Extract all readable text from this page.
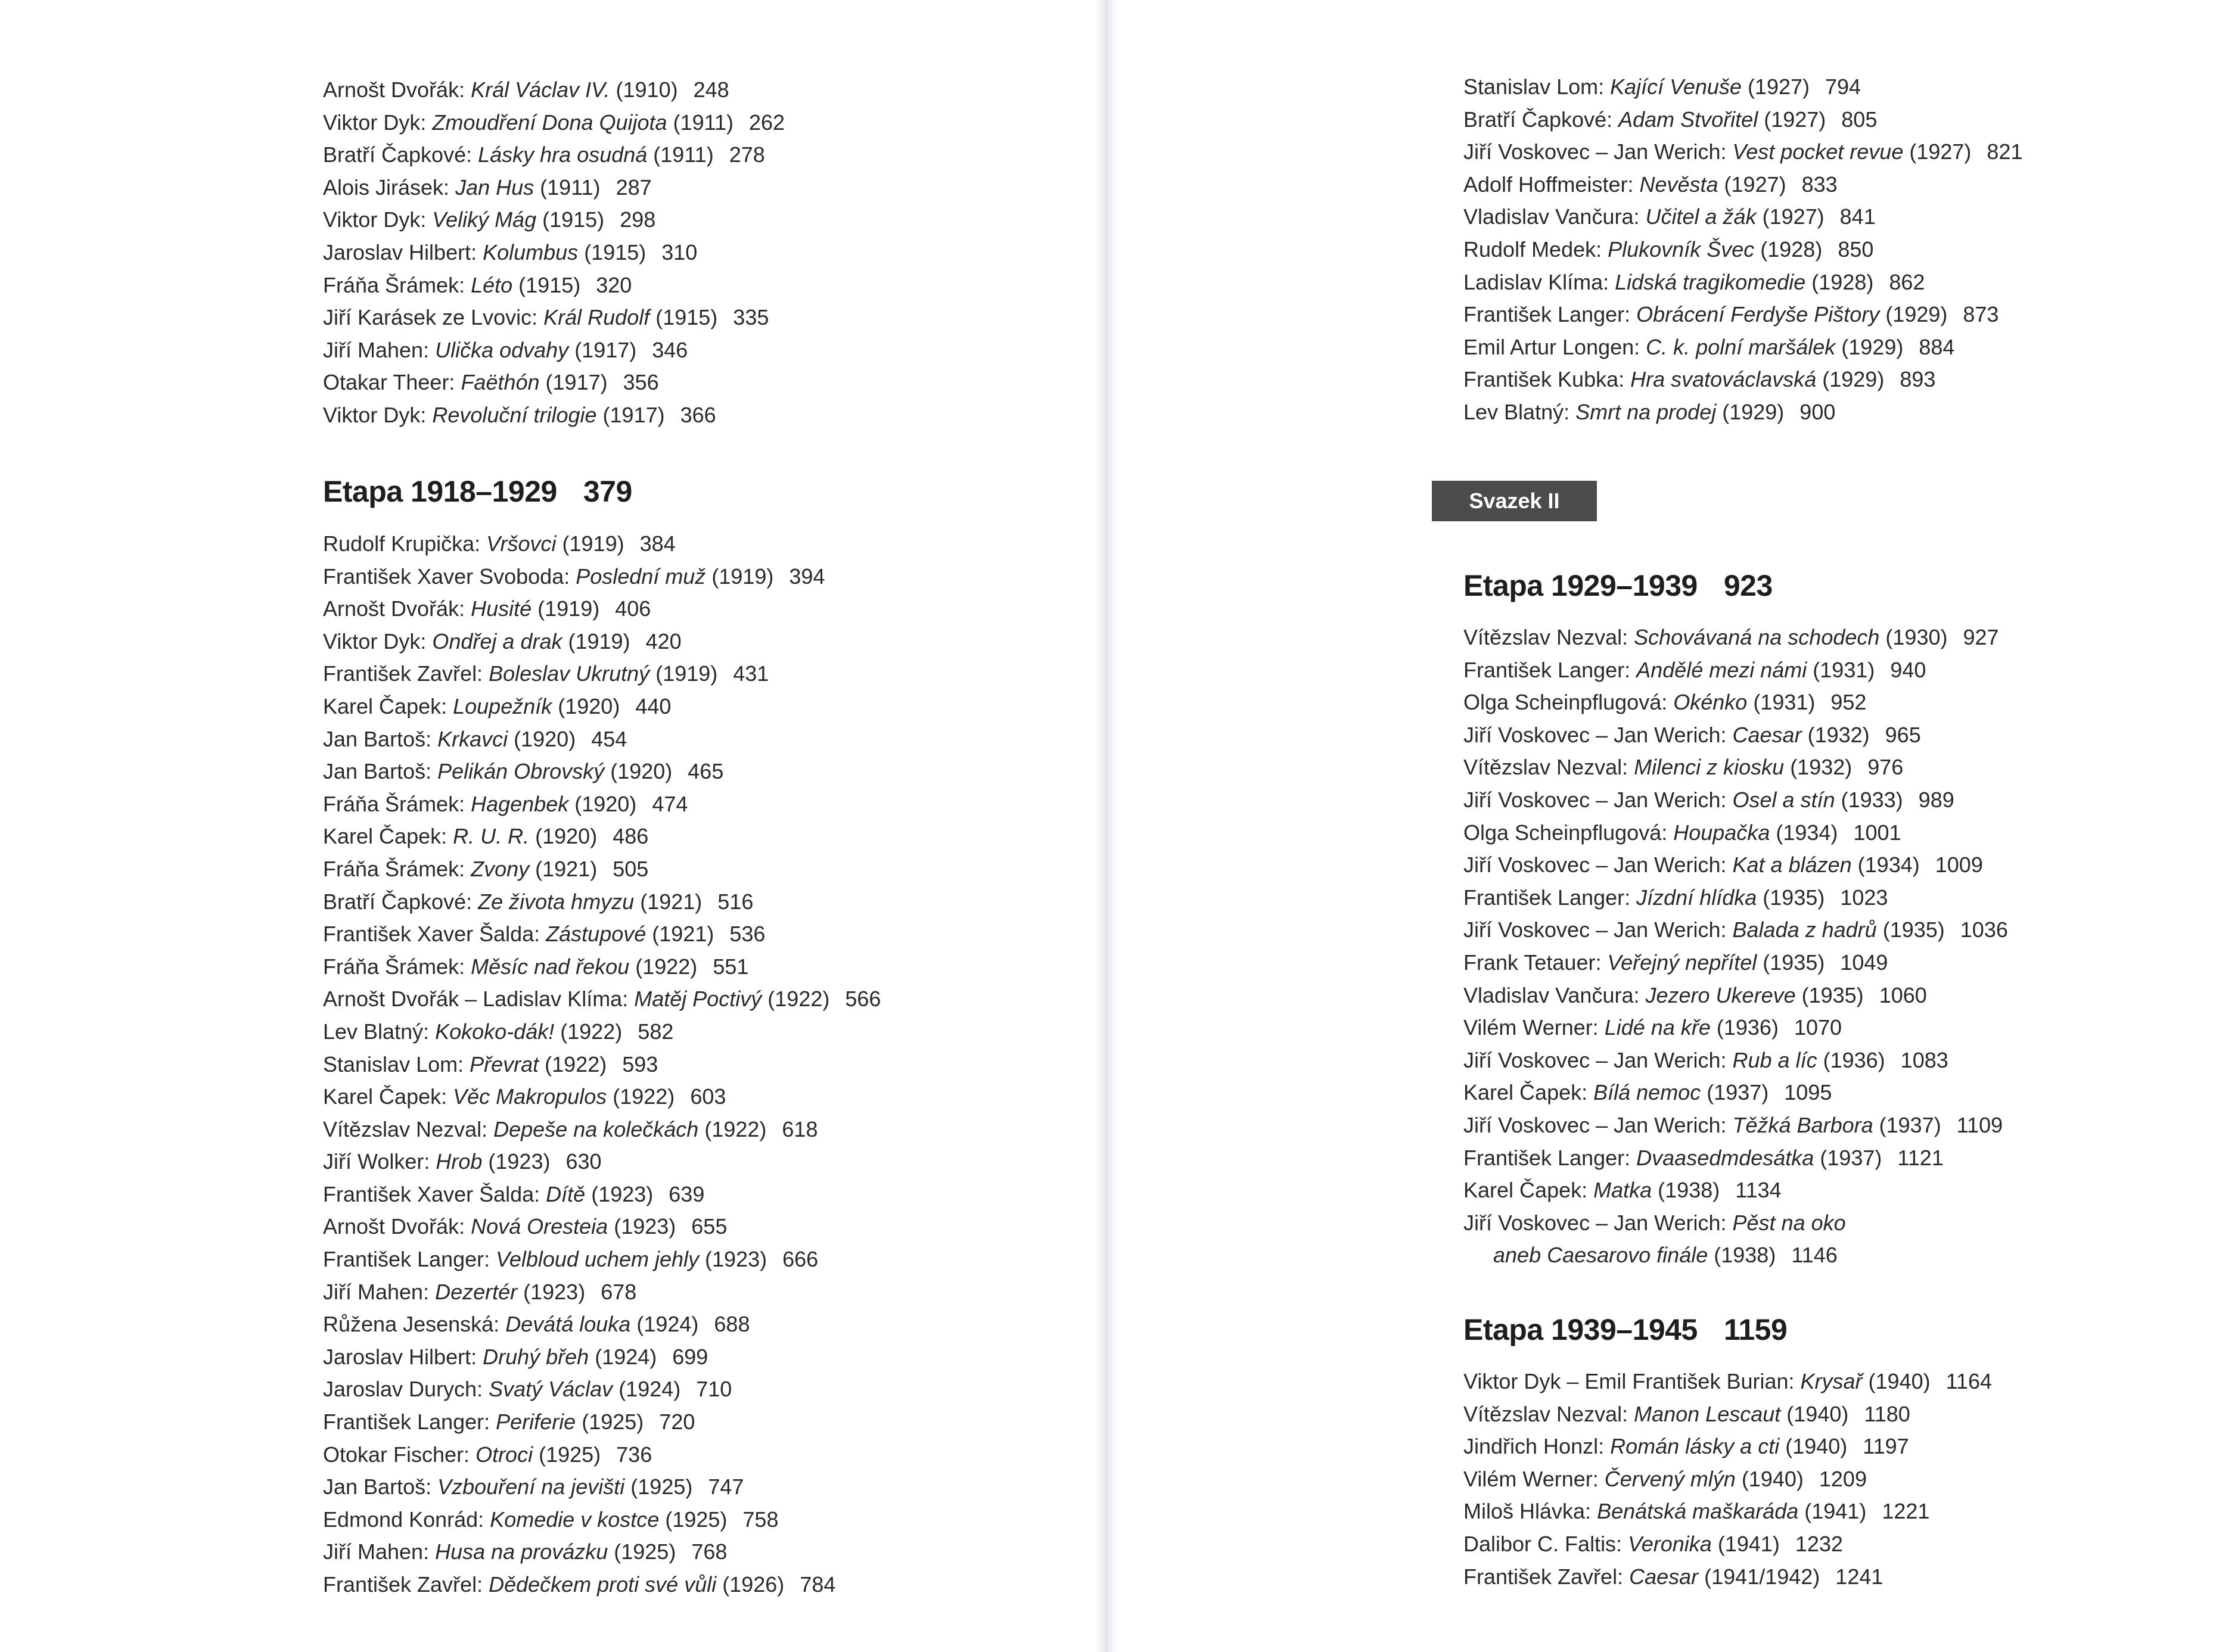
Arnošt Dvořák: Král Václav IV. (1910) 248
Viktor Dyk: Zmoudření Dona Quijota (1911) 262
Bratří Čapkové: Lásky hra osudná (1911) 278
Alois Jirásek: Jan Hus (1911) 287
Viktor Dyk: Veliký Mág (1915) 298
Jaroslav Hilbert: Kolumbus (1915) 310
Fráňa Šrámek: Léto (1915) 320
Jiří Karásek ze Lvovic: Král Rudolf (1915) 335
Jiří Mahen: Ulička odvahy (1917) 346
Otakar Theer: Faëthón (1917) 356
Viktor Dyk: Revoluční trilogie (1917) 366
Etapa 1918–1929 379
Rudolf Krupička: Vršovci (1919) 384
František Xaver Svoboda: Poslední muž (1919) 394
Arnošt Dvořák: Husité (1919) 406
Viktor Dyk: Ondřej a drak (1919) 420
František Zavřel: Boleslav Ukrutný (1919) 431
Karel Čapek: Loupežník (1920) 440
Jan Bartoš: Krkavci (1920) 454
Jan Bartoš: Pelikán Obrovský (1920) 465
Fráňa Šrámek: Hagenbek (1920) 474
Karel Čapek: R. U. R. (1920) 486
Fráňa Šrámek: Zvony (1921) 505
Bratří Čapkové: Ze života hmyzu (1921) 516
František Xaver Šalda: Zástupové (1921) 536
Fráňa Šrámek: Měsíc nad řekou (1922) 551
Arnošt Dvořák – Ladislav Klíma: Matěj Poctivý (1922) 566
Lev Blatný: Kokoko-dák! (1922) 582
Stanislav Lom: Převrat (1922) 593
Karel Čapek: Věc Makropulos (1922) 603
Vítězslav Nezval: Depeše na kolečkách (1922) 618
Jiří Wolker: Hrob (1923) 630
František Xaver Šalda: Dítě (1923) 639
Arnošt Dvořák: Nová Oresteia (1923) 655
František Langer: Velbloud uchem jehly (1923) 666
Jiří Mahen: Dezertér (1923) 678
Růžena Jesenská: Devátá louka (1924) 688
Jaroslav Hilbert: Druhý břeh (1924) 699
Jaroslav Durych: Svatý Václav (1924) 710
František Langer: Periferie (1925) 720
Otokar Fischer: Otroci (1925) 736
Jan Bartoš: Vzbouření na jevišti (1925) 747
Edmond Konrád: Komedie v kostce (1925) 758
Jiří Mahen: Husa na provázku (1925) 768
František Zavřel: Dědečkem proti své vůli (1926) 784
Stanislav Lom: Kající Venuše (1927) 794
Bratří Čapkové: Adam Stvořitel (1927) 805
Jiří Voskovec – Jan Werich: Vest pocket revue (1927) 821
Adolf Hoffmeister: Nevěsta (1927) 833
Vladislav Vančura: Učitel a žák (1927) 841
Rudolf Medek: Plukovník Švec (1928) 850
Ladislav Klíma: Lidská tragikomedie (1928) 862
František Langer: Obrácení Ferdyše Pištory (1929) 873
Emil Artur Longen: C. k. polní maršálek (1929) 884
František Kubka: Hra svatováclavská (1929) 893
Lev Blatný: Smrt na prodej (1929) 900
Svazek II
Etapa 1929–1939 923
Vítězslav Nezval: Schovávaná na schodech (1930) 927
František Langer: Andělé mezi námi (1931) 940
Olga Scheinpflugová: Okénko (1931) 952
Jiří Voskovec – Jan Werich: Caesar (1932) 965
Vítězslav Nezval: Milenci z kiosku (1932) 976
Jiří Voskovec – Jan Werich: Osel a stín (1933) 989
Olga Scheinpflugová: Houpačka (1934) 1001
Jiří Voskovec – Jan Werich: Kat a blázen (1934) 1009
František Langer: Jízdní hlídka (1935) 1023
Jiří Voskovec – Jan Werich: Balada z hadrů (1935) 1036
Frank Tetauer: Veřejný nepřítel (1935) 1049
Vladislav Vančura: Jezero Ukereve (1935) 1060
Vilém Werner: Lidé na kře (1936) 1070
Jiří Voskovec – Jan Werich: Rub a líc (1936) 1083
Karel Čapek: Bílá nemoc (1937) 1095
Jiří Voskovec – Jan Werich: Těžká Barbora (1937) 1109
František Langer: Dvaasedmdesátka (1937) 1121
Karel Čapek: Matka (1938) 1134
Jiří Voskovec – Jan Werich: Pěst na oko
aneb Caesarovo finále (1938) 1146
Etapa 1939–1945 1159
Viktor Dyk – Emil František Burian: Krysař (1940) 1164
Vítězslav Nezval: Manon Lescaut (1940) 1180
Jindřich Honzl: Román lásky a cti (1940) 1197
Vilém Werner: Červený mlýn (1940) 1209
Miloš Hlávka: Benátská maškaráda (1941) 1221
Dalibor C. Faltis: Veronika (1941) 1232
František Zavřel: Caesar (1941/1942) 1241
